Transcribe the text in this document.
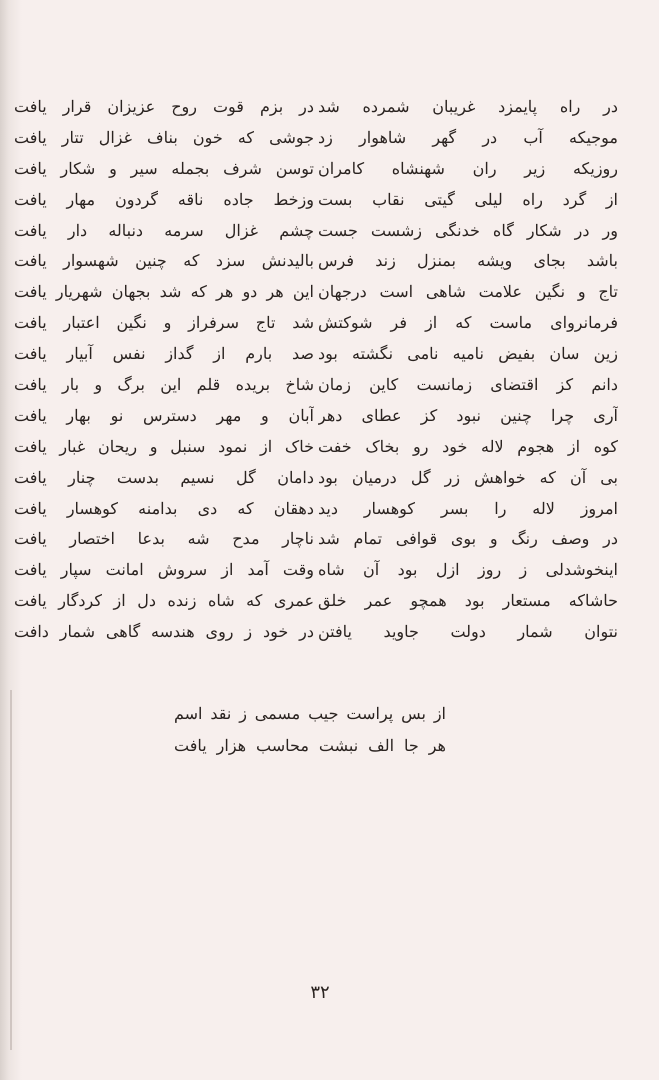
در راه پایمزد غریبان شمرده شد
موجیکه آب در گهر شاهوار زد
روزیکه زیر ران شهنشاه کامران
از گرد راه لیلی گیتی نقاب بست
ور در شکار گاه خدنگی زشست جست
باشد بجای ویشه بمنزل زند فرس
تاج و نگین علامت شاهی است درجهان
فرمانروای ماست که از فر شوکتش
زین سان بفیض نامیه نامی نگشته بود
دانم کز اقتضای زمانست کاین زمان
آری چرا چنین نبود کز عطای دهر
کوه از هجوم لاله خود رو بخاک خفت
بی آن که خواهش زر گل درمیان بود
امروز لاله را بسر کوهسار دید
در وصف رنگ و بوی قوافی تمام شد
اینخوشدلی ز روز ازل بود آن شاه
حاشاکه مستعار بود همچو عمر خلق
نتوان شمار دولت جاوید یافتن
در بزم قوت روح عزیزان قرار یافت
جوشی که خون بناف غزال تتار یافت
توسن شرف بجمله سیر و شکار یافت
وزخط جاده ناقه گردون مهار یافت
چشم غزال سرمه دنباله دار یافت
بالیدنش سزد که چنین شهسوار یافت
این هر دو هر که شد بجهان شهریار یافت
شد تاج سرفراز و نگین اعتبار یافت
صد بارم از گداز نفس آبیار یافت
شاخ بریده قلم این برگ و بار یافت
آبان و مهر دسترس نو بهار یافت
خاک از نمود سنبل و ریحان غبار یافت
دامان گل نسیم بدست چنار یافت
دهقان که دی بدامنه کوهسار یافت
ناچار مدح شه بدعا اختصار یافت
وقت آمد از سروش امانت سپار یافت
عمری که شاه زنده دل از کردگار یافت
در خود ز روی هندسه گاهی شمار دافت
از بس پراست جیب مسمی ز نقد اسم
هر جا الف نبشت محاسب هزار یافت
۳۲
